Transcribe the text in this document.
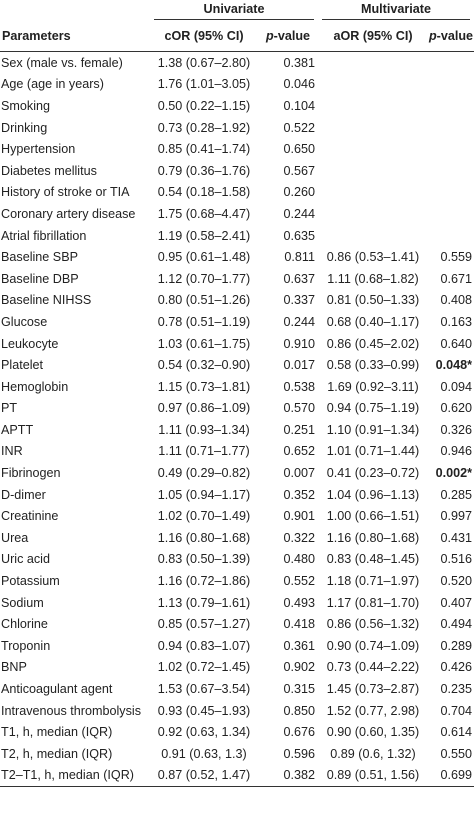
	Univariate		Multivariate	

Parameters	cOR (95% CI)	p-value	aOR (95% CI)	p-value
Sex (male vs. female)	1.38 (0.67–2.80)	0.381		
Age (age in years)	1.76 (1.01–3.05)	0.046		
Smoking	0.50 (0.22–1.15)	0.104		
Drinking	0.73 (0.28–1.92)	0.522		
Hypertension	0.85 (0.41–1.74)	0.650		
Diabetes mellitus	0.79 (0.36–1.76)	0.567		
History of stroke or TIA	0.54 (0.18–1.58)	0.260		
Coronary artery disease	1.75 (0.68–4.47)	0.244		
Atrial fibrillation	1.19 (0.58–2.41)	0.635		
Baseline SBP	0.95 (0.61–1.48)	0.811	0.86 (0.53–1.41)	0.559
Baseline DBP	1.12 (0.70–1.77)	0.637	1.11 (0.68–1.82)	0.671
Baseline NIHSS	0.80 (0.51–1.26)	0.337	0.81 (0.50–1.33)	0.408
Glucose	0.78 (0.51–1.19)	0.244	0.68 (0.40–1.17)	0.163
Leukocyte	1.03 (0.61–1.75)	0.910	0.86 (0.45–2.02)	0.640
Platelet	0.54 (0.32–0.90)	0.017	0.58 (0.33–0.99)	0.048*
Hemoglobin	1.15 (0.73–1.81)	0.538	1.69 (0.92–3.11)	0.094
PT	0.97 (0.86–1.09)	0.570	0.94 (0.75–1.19)	0.620
APTT	1.11 (0.93–1.34)	0.251	1.10 (0.91–1.34)	0.326
INR	1.11 (0.71–1.77)	0.652	1.01 (0.71–1.44)	0.946
Fibrinogen	0.49 (0.29–0.82)	0.007	0.41 (0.23–0.72)	0.002*
D-dimer	1.05 (0.94–1.17)	0.352	1.04 (0.96–1.13)	0.285
Creatinine	1.02 (0.70–1.49)	0.901	1.00 (0.66–1.51)	0.997
Urea	1.16 (0.80–1.68)	0.322	1.16 (0.80–1.68)	0.431
Uric acid	0.83 (0.50–1.39)	0.480	0.83 (0.48–1.45)	0.516
Potassium	1.16 (0.72–1.86)	0.552	1.18 (0.71–1.97)	0.520
Sodium	1.13 (0.79–1.61)	0.493	1.17 (0.81–1.70)	0.407
Chlorine	0.85 (0.57–1.27)	0.418	0.86 (0.56–1.32)	0.494
Troponin	0.94 (0.83–1.07)	0.361	0.90 (0.74–1.09)	0.289
BNP	1.02 (0.72–1.45)	0.902	0.73 (0.44–2.22)	0.426
Anticoagulant agent	1.53 (0.67–3.54)	0.315	1.45 (0.73–2.87)	0.235
Intravenous thrombolysis	0.93 (0.45–1.93)	0.850	1.52 (0.77, 2.98)	0.704
T1, h, median (IQR)	0.92 (0.63, 1.34)	0.676	0.90 (0.60, 1.35)	0.614
T2, h, median (IQR)	0.91 (0.63, 1.3)	0.596	0.89 (0.6, 1.32)	0.550
T2–T1, h, median (IQR)	0.87 (0.52, 1.47)	0.382	0.89 (0.51, 1.56)	0.699
